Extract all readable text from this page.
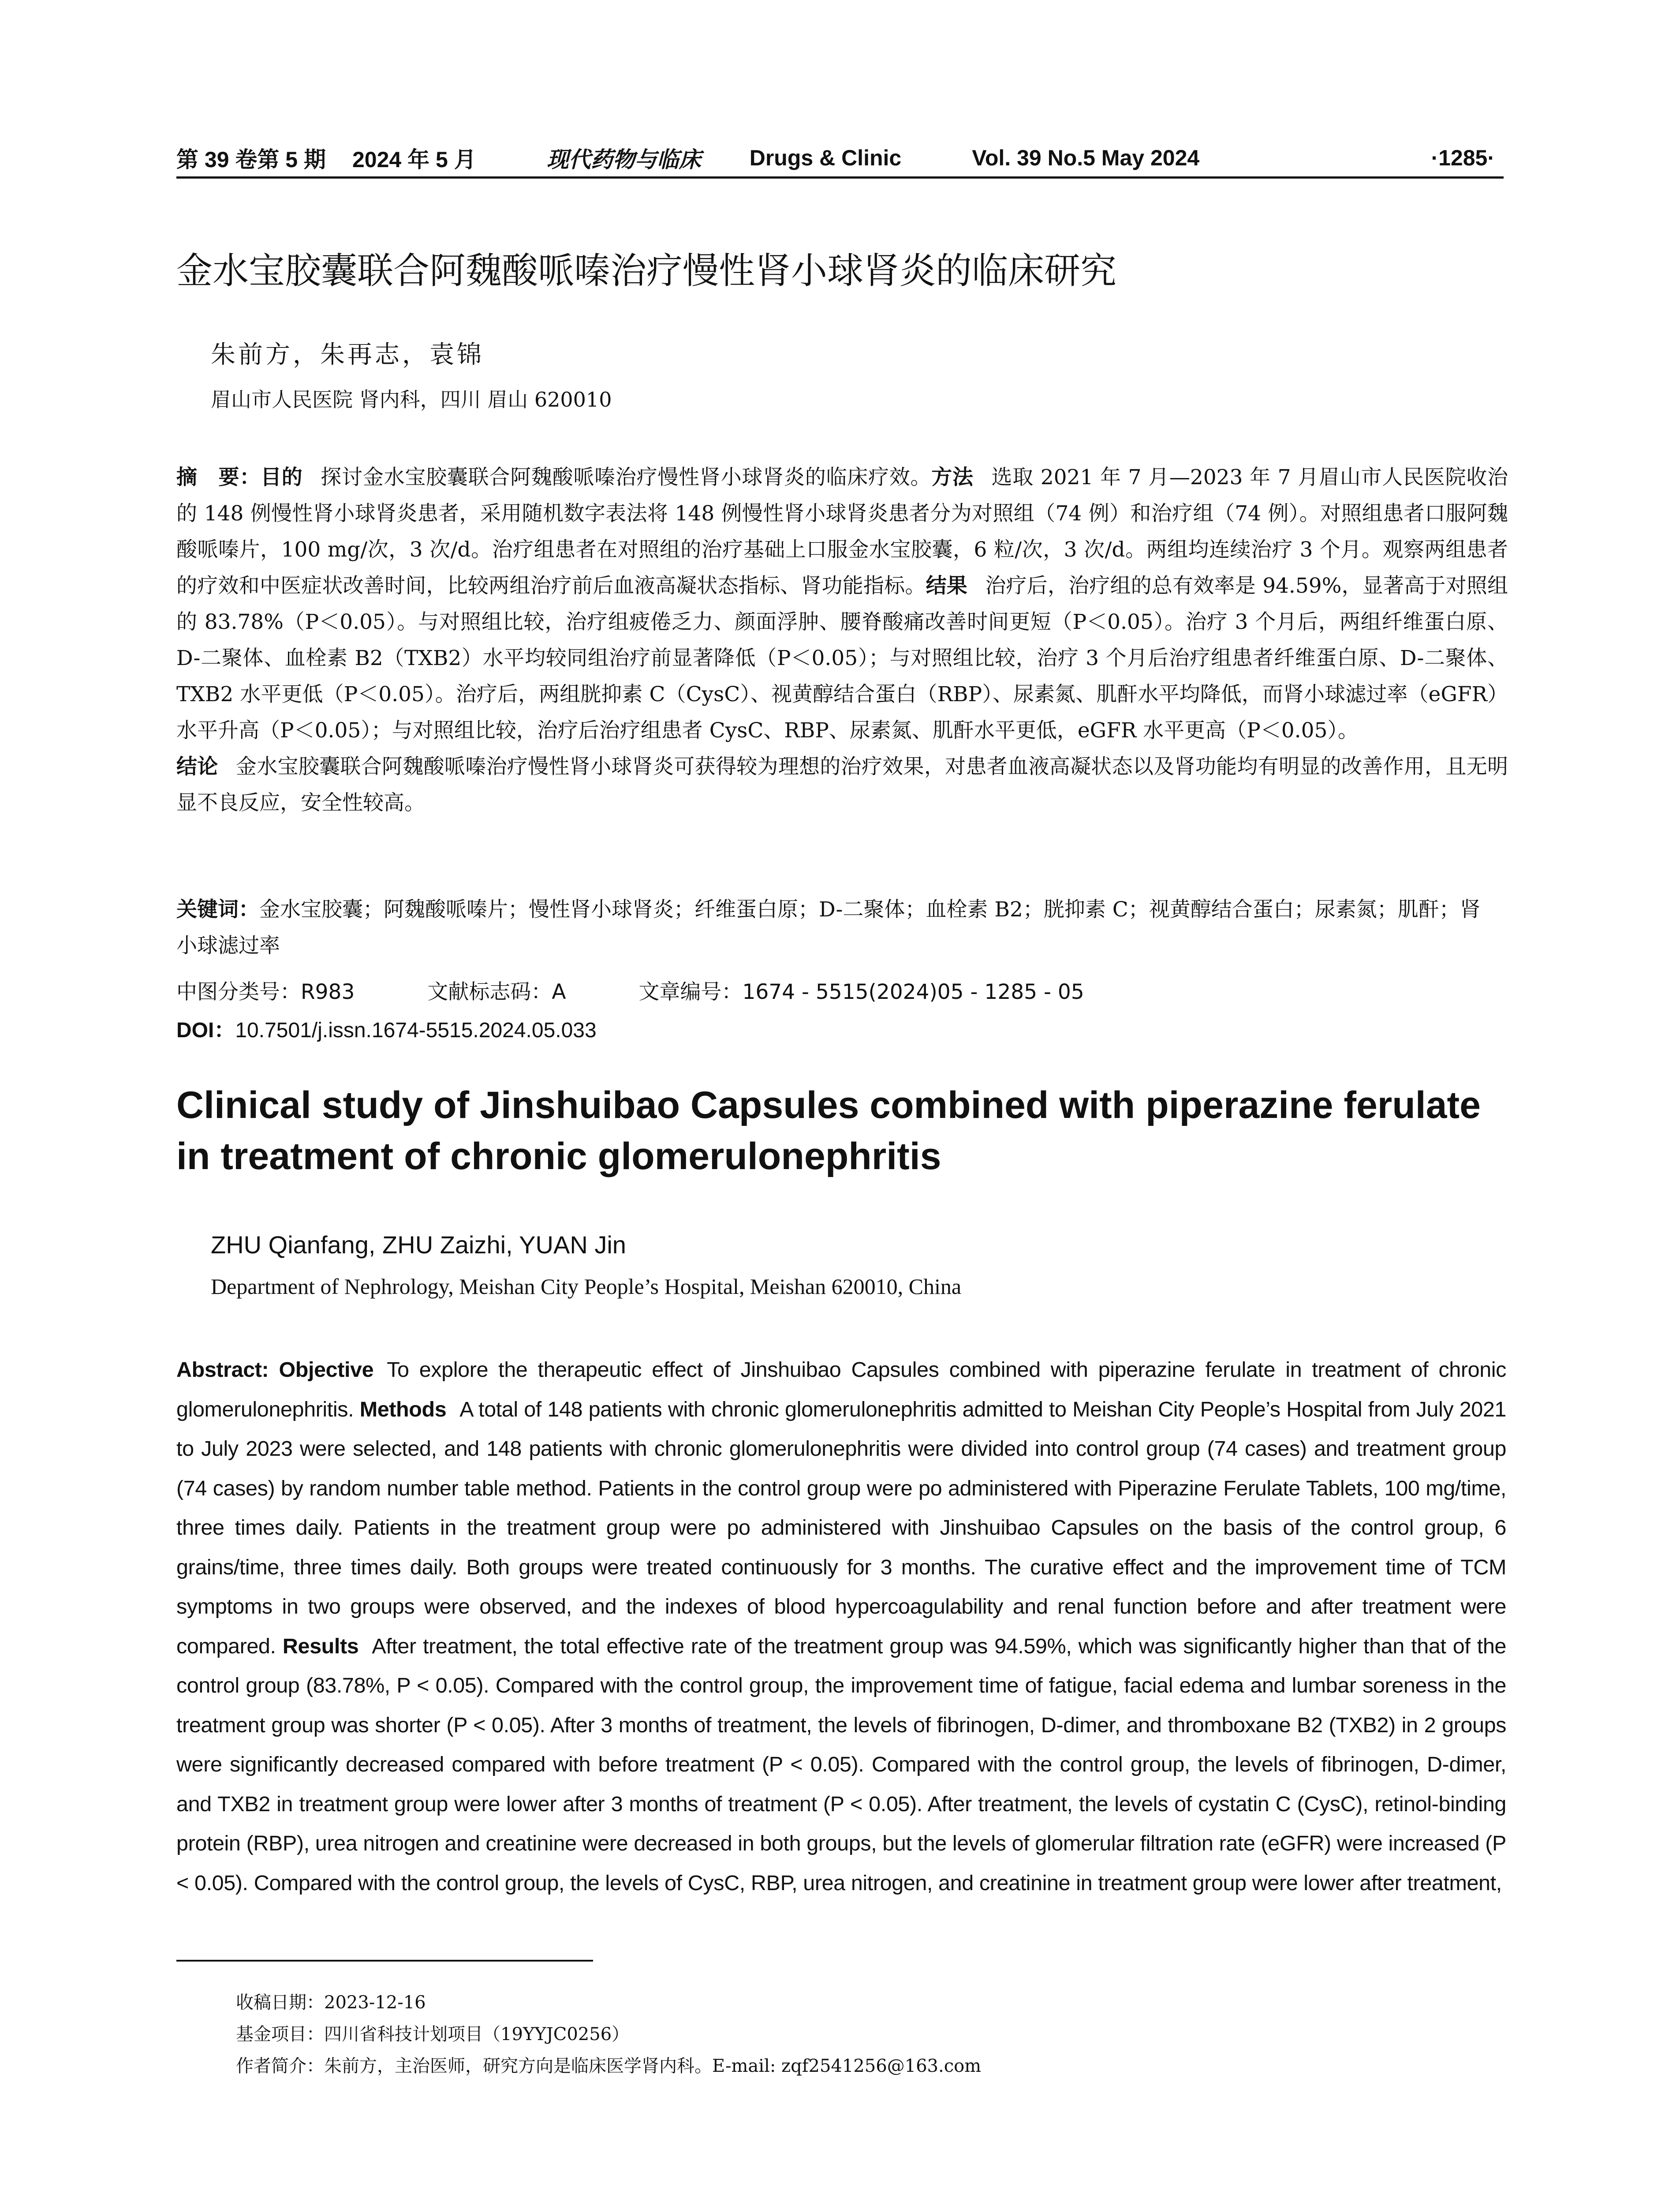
第 39 卷第 5 期 2024 年 5 月	现代药物与临床 Drugs & Clinic	Vol. 39 No.5 May 2024	·1285·
金水宝胶囊联合阿魏酸哌嗪治疗慢性肾小球肾炎的临床研究
朱前方，朱再志，袁锦
眉山市人民医院 肾内科，四川 眉山 620010
摘　要：目的 探讨金水宝胶囊联合阿魏酸哌嗪治疗慢性肾小球肾炎的临床疗效。方法 选取 2021 年 7 月—2023 年 7 月眉山市人民医院收治的 148 例慢性肾小球肾炎患者，采用随机数字表法将 148 例慢性肾小球肾炎患者分为对照组（74 例）和治疗组（74 例）。对照组患者口服阿魏酸哌嗪片，100 mg/次，3 次/d。治疗组患者在对照组的治疗基础上口服金水宝胶囊，6 粒/次，3 次/d。两组均连续治疗 3 个月。观察两组患者的疗效和中医症状改善时间，比较两组治疗前后血液高凝状态指标、肾功能指标。结果 治疗后，治疗组的总有效率是 94.59%，显著高于对照组的 83.78%（P＜0.05）。与对照组比较，治疗组疲倦乏力、颜面浮肿、腰脊酸痛改善时间更短（P＜0.05）。治疗 3 个月后，两组纤维蛋白原、D-二聚体、血栓素 B2（TXB2）水平均较同组治疗前显著降低（P＜0.05）；与对照组比较，治疗 3 个月后治疗组患者纤维蛋白原、D-二聚体、TXB2 水平更低（P＜0.05）。治疗后，两组胱抑素 C（CysC）、视黄醇结合蛋白（RBP）、尿素氮、肌酐水平均降低，而肾小球滤过率（eGFR）水平升高（P＜0.05）；与对照组比较，治疗后治疗组患者 CysC、RBP、尿素氮、肌酐水平更低，eGFR 水平更高（P＜0.05）。
结论 金水宝胶囊联合阿魏酸哌嗪治疗慢性肾小球肾炎可获得较为理想的治疗效果，对患者血液高凝状态以及肾功能均有明显的改善作用，且无明显不良反应，安全性较高。
关键词：金水宝胶囊；阿魏酸哌嗪片；慢性肾小球肾炎；纤维蛋白原；D-二聚体；血栓素 B2；胱抑素 C；视黄醇结合蛋白；尿素氮；肌酐；肾小球滤过率
中图分类号：R983	文献标志码：A	文章编号：1674 - 5515(2024)05 - 1285 - 05
DOI：10.7501/j.issn.1674-5515.2024.05.033
Clinical study of Jinshuibao Capsules combined with piperazine ferulate in treatment of chronic glomerulonephritis
ZHU Qianfang, ZHU Zaizhi, YUAN Jin
Department of Nephrology, Meishan City People’s Hospital, Meishan 620010, China
Abstract: Objective To explore the therapeutic effect of Jinshuibao Capsules combined with piperazine ferulate in treatment of chronic glomerulonephritis. Methods A total of 148 patients with chronic glomerulonephritis admitted to Meishan City People’s Hospital from July 2021 to July 2023 were selected, and 148 patients with chronic glomerulonephritis were divided into control group (74 cases) and treatment group (74 cases) by random number table method. Patients in the control group were po administered with Piperazine Ferulate Tablets, 100 mg/time, three times daily. Patients in the treatment group were po administered with Jinshuibao Capsules on the basis of the control group, 6 grains/time, three times daily. Both groups were treated continuously for 3 months. The curative effect and the improvement time of TCM symptoms in two groups were observed, and the indexes of blood hypercoagulability and renal function before and after treatment were compared. Results After treatment, the total effective rate of the treatment group was 94.59%, which was significantly higher than that of the control group (83.78%, P < 0.05). Compared with the control group, the improvement time of fatigue, facial edema and lumbar soreness in the treatment group was shorter (P < 0.05). After 3 months of treatment, the levels of fibrinogen, D-dimer, and thromboxane B2 (TXB2) in 2 groups were significantly decreased compared with before treatment (P < 0.05). Compared with the control group, the levels of fibrinogen, D-dimer, and TXB2 in treatment group were lower after 3 months of treatment (P < 0.05). After treatment, the levels of cystatin C (CysC), retinol-binding protein (RBP), urea nitrogen and creatinine were decreased in both groups, but the levels of glomerular filtration rate (eGFR) were increased (P < 0.05). Compared with the control group, the levels of CysC, RBP, urea nitrogen, and creatinine in treatment group were lower after treatment,
收稿日期：2023-12-16
基金项目：四川省科技计划项目（19YYJC0256）
作者简介：朱前方，主治医师，研究方向是临床医学肾内科。E-mail: zqf2541256@163.com
